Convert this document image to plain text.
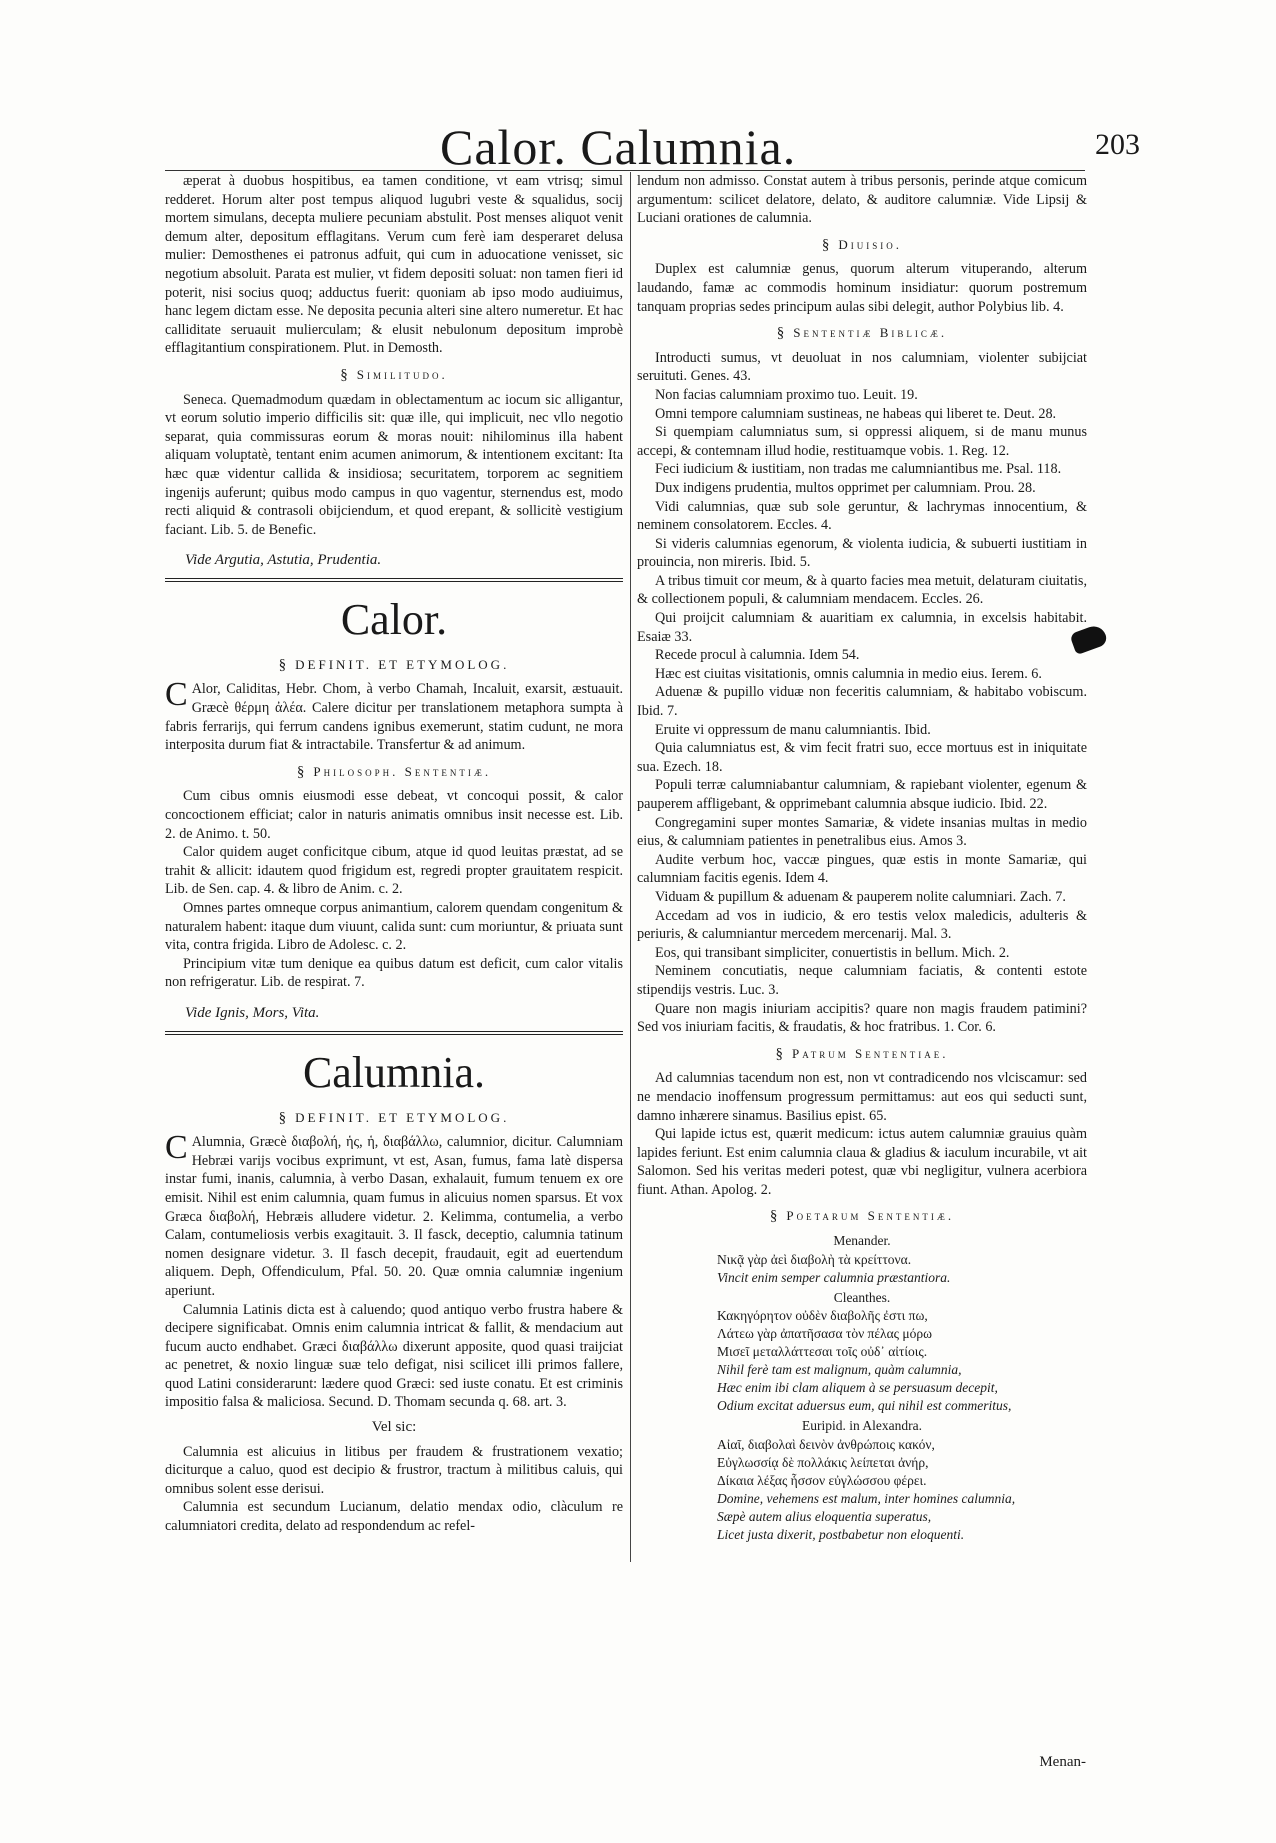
Calor. Calumnia.	203

æperat à duobus hospitibus, ea tamen conditione, vt eam vtrisq; simul redderet. Horum alter post tempus aliquod lugubri veste & squalidus, socij mortem simulans, decepta muliere pecuniam abstulit. Post menses aliquot venit demum alter, depositum efflagitans. Verum cum ferè iam desperaret delusa mulier: Demosthenes ei patronus adfuit, qui cum in aduocatione venisset, sic negotium absoluit. Parata est mulier, vt fidem depositi soluat: non tamen fieri id poterit, nisi socius quoq; adductus fuerit: quoniam ab ipso modo audiuimus, hanc legem dictam esse. Ne deposita pecunia alteri sine altero numeretur. Et hac calliditate seruauit mulierculam; & elusit nebulonum depositum improbè efflagitantium conspirationem. Plut. in Demosth.

§ Similitudo.

Seneca. Quemadmodum quædam in oblectamentum ac iocum sic alligantur, vt eorum solutio imperio difficilis sit: quæ ille, qui implicuit, nec vllo negotio separat, quia commissuras eorum & moras nouit: nihilominus illa habent aliquam voluptatè, tentant enim acumen animorum, & intentionem excitant: Ita hæc quæ videntur callida & insidiosa; securitatem, torporem ac segnitiem ingenijs auferunt; quibus modo campus in quo vagentur, sternendus est, modo recti aliquid & contrasoli obijciendum, et quod erepant, & sollicitè vestigium faciant. Lib. 5. de Benefic.

Vide Argutia, Astutia, Prudentia.
Calor.
§ DEFINIT. ET ETYMOLOG.

CAlor, Caliditas, Hebr. Chom, à verbo Chamah, Incaluit, exarsit, æstuauit. Græcè θέρμη ἀλέα. Calere dicitur per translationem metaphora sumpta à fabris ferrarijs, qui ferrum candens ignibus exemerunt, statim cudunt, ne mora interposita durum fiat & intractabile. Transfertur & ad animum.

§ Philosoph. Sententiæ.

Cum cibus omnis eiusmodi esse debeat, vt concoqui possit, & calor concoctionem efficiat; calor in naturis animatis omnibus insit necesse est. Lib. 2. de Animo. t. 50.

Calor quidem auget conficitque cibum, atque id quod leuitas præstat, ad se trahit & allicit: idautem quod frigidum est, regredi propter grauitatem respicit. Lib. de Sen. cap. 4. & libro de Anim. c. 2.

Omnes partes omneque corpus animantium, calorem quendam congenitum & naturalem habent: itaque dum viuunt, calida sunt: cum moriuntur, & priuata sunt vita, contra frigida. Libro de Adolesc. c. 2.

Principium vitæ tum denique ea quibus datum est deficit, cum calor vitalis non refrigeratur. Lib. de respirat. 7.

Vide Ignis, Mors, Vita.
Calumnia.
§ DEFINIT. ET ETYMOLOG.

CAlumnia, Græcè διαβολή, ἡς, ἡ, διαβάλλω, calumnior, dicitur. Calumniam Hebræi varijs vocibus exprimunt, vt est, Asan, fumus, fama latè dispersa instar fumi, inanis, calumnia, à verbo Dasan, exhalauit, fumum tenuem ex ore emisit. Nihil est enim calumnia, quam fumus in alicuius nomen sparsus. Et vox Græca διαβολή, Hebræis alludere videtur. 2. Kelimma, contumelia, a verbo Calam, contumeliosis verbis exagitauit. 3. Il fasck, deceptio, calumnia tatinum nomen designare videtur. 3. Il fasch decepit, fraudauit, egit ad euertendum aliquem. Deph, Offendiculum, Pfal. 50. 20. Quæ omnia calumniæ ingenium aperiunt.

Calumnia Latinis dicta est à caluendo; quod antiquo verbo frustra habere & decipere significabat. Omnis enim calumnia intricat & fallit, & mendacium aut fucum aucto endhabet. Græci διαβάλλω dixerunt apposite, quod quasi traijciat ac penetret, & noxio linguæ suæ telo defigat, nisi scilicet illi primos fallere, quod Latini considerarunt: lædere quod Græci: sed iuste conatu. Et est criminis impositio falsa & maliciosa. Secund. D. Thomam secunda q. 68. art. 3.

Vel sic:

Calumnia est alicuius in litibus per fraudem & frustrationem vexatio; diciturque a caluo, quod est decipio & frustror, tractum à militibus caluis, qui omnibus solent esse derisui.

Calumnia est secundum Lucianum, delatio mendax odio, clàculum re calumniatori credita, delato ad respondendum ac refel-

lendum non admisso. Constat autem à tribus personis, perinde atque comicum argumentum: scilicet delatore, delato, & auditore calumniæ. Vide Lipsij & Luciani orationes de calumnia.

§ Diuisio.

Duplex est calumniæ genus, quorum alterum vituperando, alterum laudando, famæ ac commodis hominum insidiatur: quorum postremum tanquam proprias sedes principum aulas sibi delegit, author Polybius lib. 4.

§ Sententiæ Biblicæ.

Introducti sumus, vt deuoluat in nos calumniam, violenter subijciat seruituti. Genes. 43.

Non facias calumniam proximo tuo. Leuit. 19.

Omni tempore calumniam sustineas, ne habeas qui liberet te. Deut. 28.

Si quempiam calumniatus sum, si oppressi aliquem, si de manu munus accepi, & contemnam illud hodie, restituamque vobis. 1. Reg. 12.

Feci iudicium & iustitiam, non tradas me calumniantibus me. Psal. 118.

Dux indigens prudentia, multos opprimet per calumniam. Prou. 28.

Vidi calumnias, quæ sub sole geruntur, & lachrymas innocentium, & neminem consolatorem. Eccles. 4.

Si videris calumnias egenorum, & violenta iudicia, & subuerti iustitiam in prouincia, non mireris. Ibid. 5.

A tribus timuit cor meum, & à quarto facies mea metuit, delaturam ciuitatis, & collectionem populi, & calumniam mendacem. Eccles. 26.

Qui proijcit calumniam & auaritiam ex calumnia, in excelsis habitabit. Esaiæ 33.

Recede procul à calumnia. Idem 54.

Hæc est ciuitas visitationis, omnis calumnia in medio eius. Ierem. 6.

Aduenæ & pupillo viduæ non feceritis calumniam, & habitabo vobiscum. Ibid. 7.

Eruite vi oppressum de manu calumniantis. Ibid.

Quia calumniatus est, & vim fecit fratri suo, ecce mortuus est in iniquitate sua. Ezech. 18.

Populi terræ calumniabantur calumniam, & rapiebant violenter, egenum & pauperem affligebant, & opprimebant calumnia absque iudicio. Ibid. 22.

Congregamini super montes Samariæ, & videte insanias multas in medio eius, & calumniam patientes in penetralibus eius. Amos 3.

Audite verbum hoc, vaccæ pingues, quæ estis in monte Samariæ, qui calumniam facitis egenis. Idem 4.

Viduam & pupillum & aduenam & pauperem nolite calumniari. Zach. 7.

Accedam ad vos in iudicio, & ero testis velox maledicis, adulteris & periuris, & calumniantur mercedem mercenarij. Mal. 3.

Eos, qui transibant simpliciter, conuertistis in bellum. Mich. 2.

Neminem concutiatis, neque calumniam faciatis, & contenti estote stipendijs vestris. Luc. 3.

Quare non magis iniuriam accipitis? quare non magis fraudem patimini? Sed vos iniuriam facitis, & fraudatis, & hoc fratribus. 1. Cor. 6.

§ Patrum Sententiae.

Ad calumnias tacendum non est, non vt contradicendo nos vlciscamur: sed ne mendacio inoffensum progressum permittamus: aut eos qui seducti sunt, damno inhærere sinamus. Basilius epist. 65.

Qui lapide ictus est, quærit medicum: ictus autem calumniæ grauius quàm lapides feriunt. Est enim calumnia claua & gladius & iaculum incurabile, vt ait Salomon. Sed his veritas mederi potest, quæ vbi negligitur, vulnera acerbiora fiunt. Athan. Apolog. 2.

§ Poetarum Sententiæ.
Menander.
Νικᾷ γὰρ ἀεὶ διαβολὴ τὰ κρείττονα.
Vincit enim semper calumnia præstantiora.
Cleanthes.
Κακηγόρητον οὐδὲν διαβολῆς ἐστι πω,
Λάτεω γὰρ ἀπατῆσασα τὸν πέλας μόρω
Μισεῖ μεταλλάττεσαι τοῖς οὐδ᾽ αἰτίοις.
Nihil ferè tam est malignum, quàm calumnia,
Hæc enim ibi clam aliquem à se persuasum decepit,
Odium excitat aduersus eum, qui nihil est commeritus,
Euripid. in Alexandra.
Αἰαῖ, διαβολαὶ δεινὸν ἀνθρώποις κακόν,
Εὐγλωσσίᾳ δὲ πολλάκις λείπεται ἀνήρ,
Δίκαια λέξας ἧσσον εὐγλώσσου φέρει.
Domine, vehemens est malum, inter homines calumnia,
Sæpè autem alius eloquentia superatus,
Licet justa dixerit, postbabetur non eloquenti.
Menan-
